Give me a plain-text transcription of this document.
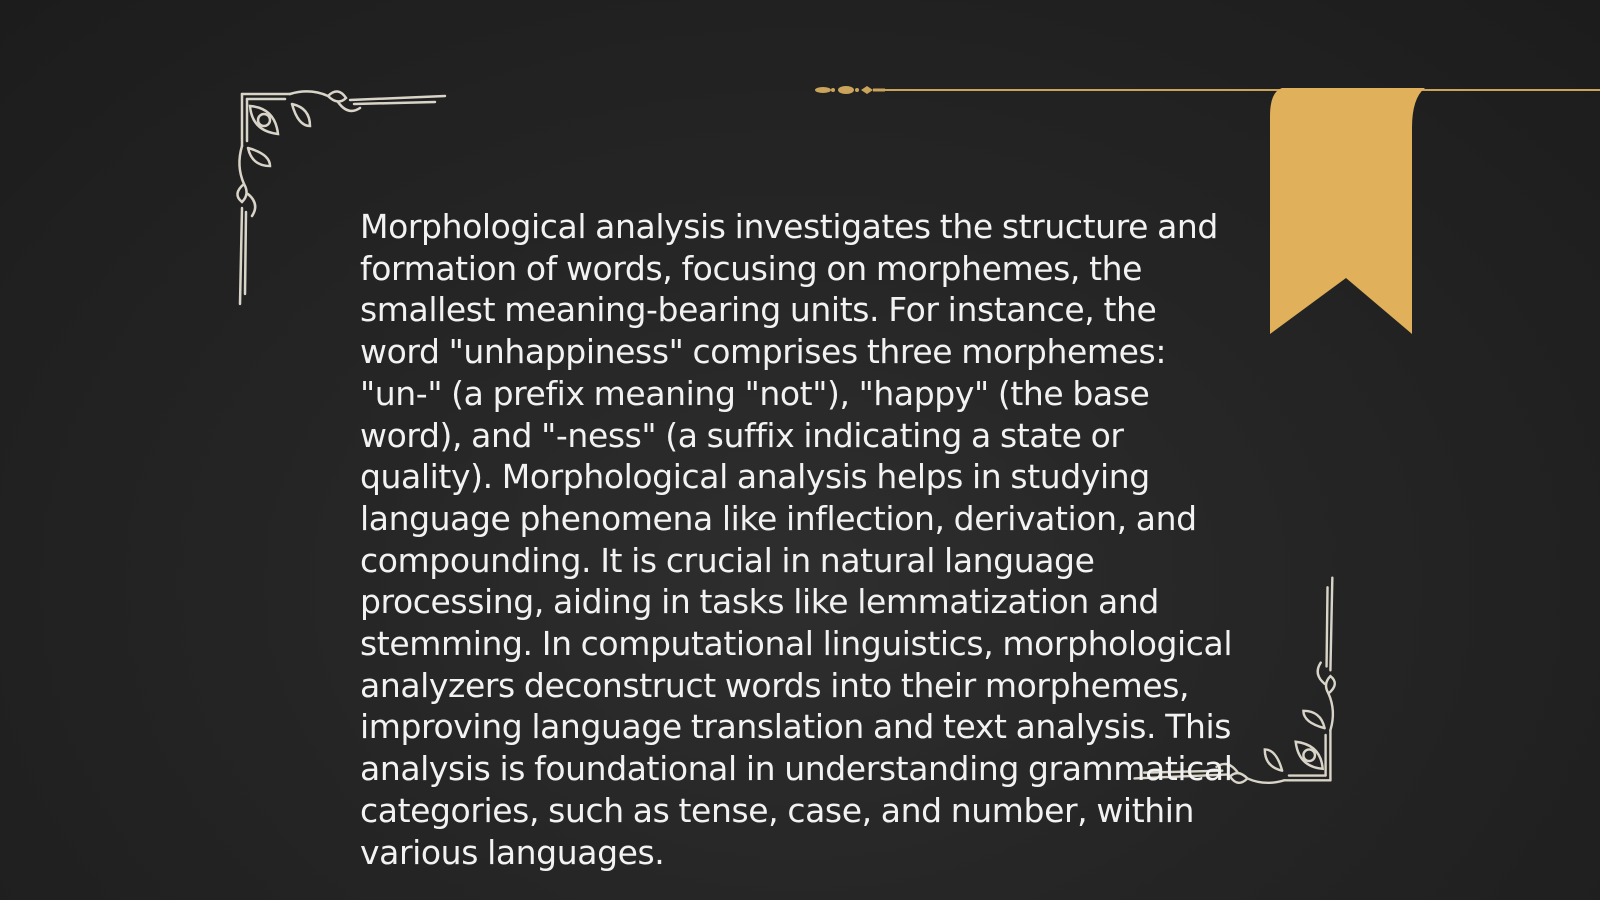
Morphological analysis investigates the structure and formation of words, focusing on morphemes, the smallest meaning-bearing units. For instance, the word "unhappiness" comprises three morphemes: "un-" (a prefix meaning "not"), "happy" (the base word), and "-ness" (a suffix indicating a state or quality). Morphological analysis helps in studying language phenomena like inflection, derivation, and compounding. It is crucial in natural language processing, aiding in tasks like lemmatization and stemming. In computational linguistics, morphological analyzers deconstruct words into their morphemes, improving language translation and text analysis. This analysis is foundational in understanding grammatical categories, such as tense, case, and number, within various languages.
